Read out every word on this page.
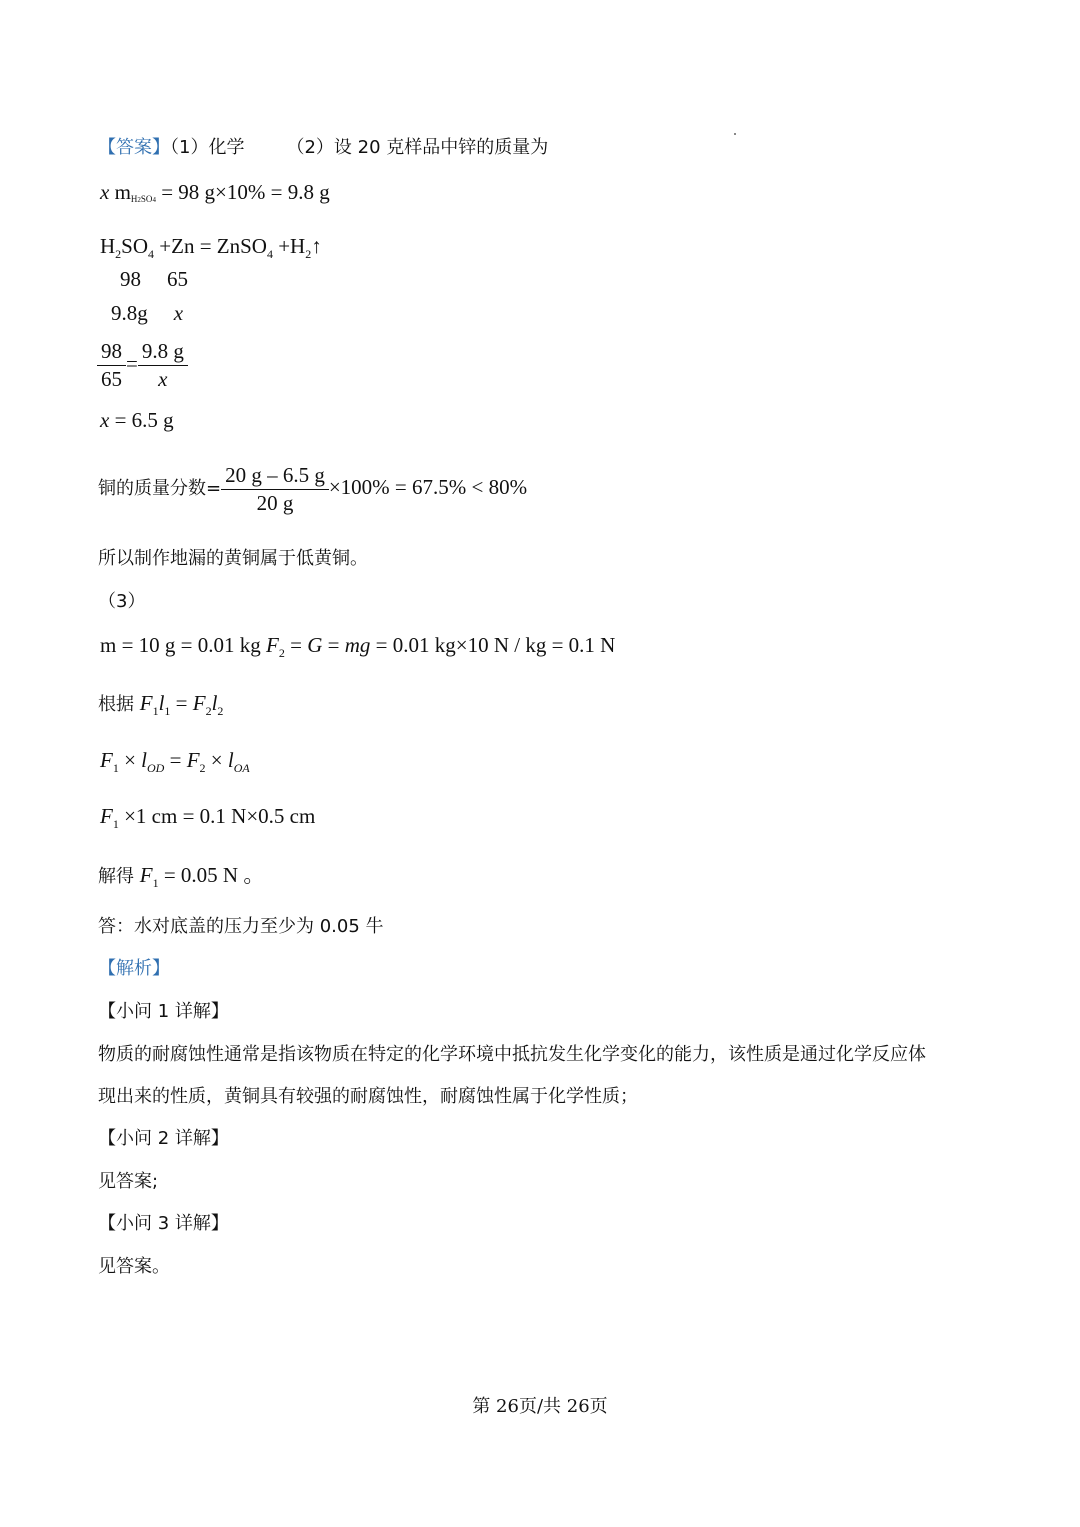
【答案】（1）化学 （2）设 20 克样品中锌的质量为
x mH2SO4 = 98 g×10% = 9.8 g
$H_2SO_4 +Zn$ = ZnSO$_4$ $+H_2↑$
98 65
9.8g x
$\frac{98}{65} = \frac{9.8 g}{x}$
x = 6.5 g
铜的质量分数= $\frac{20 g - 6.5 g}{20 g} \times 100\% = 67.5\% < 80\%$
所以制作地漏的黄铜属于低黄铜。
（3）
m = 10 g = 0.01 kg $F_2 = G$ = mg = 0.01 kg×10 N / kg = 0.1 N
根据 $F_1l_1 = F_2l_2$
$F_1 \times l_{OD} = F_2 \times l_{OA}$
$F_1 \times 1$ cm = 0.1 N×0.5 cm
解得 $F_1 = 0.05$ N 。
答：水对底盖的压力至少为 0.05 牛
【解析】
【小问 1 详解】
物质的耐腐蚀性通常是指该物质在特定的化学环境中抵抗发生化学变化的能力，该性质是通过化学反应体
现出来的性质，黄铜具有较强的耐腐蚀性，耐腐蚀性属于化学性质；
【小问 2 详解】
见答案;
【小问 3 详解】
见答案。
第 26页/共 26页
